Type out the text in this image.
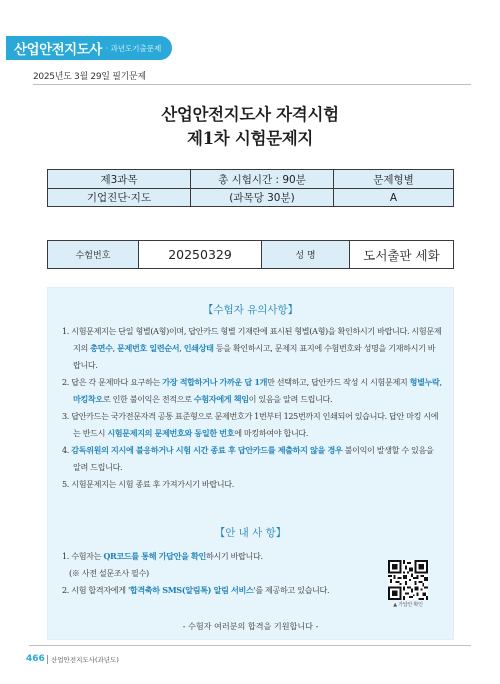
산업안전지도사 · 과년도기출문제
2025년도 3월 29일 필기문제
산업안전지도사 자격시험
제1차 시험문제지
제3과목	총 시험시간 : 90분	문제형별
기업진단·지도	(과목당 30분)	A
수험번호	20250329	성 명	도서출판 세화
【수험자 유의사항】
1. 시험문제지는 단일 형별(A형)이며, 답안카드 형별 기재란에 표시된 형별(A형)을 확인하시기 바랍니다. 시험문제지의 총면수, 문제번호 일련순서, 인쇄상태 등을 확인하시고, 문제지 표지에 수험번호와 성명을 기재하시기 바랍니다.
2. 답은 각 문제마다 요구하는 가장 적합하거나 가까운 답 1개만 선택하고, 답안카드 작성 시 시험문제지 형별누락, 마킹착오로 인한 불이익은 전적으로 수험자에게 책임이 있음을 알려 드립니다.
3. 답안카드는 국가전문자격 공통 표준형으로 문제번호가 1번부터 125번까지 인쇄되어 있습니다. 답안 마킹 시에는 반드시 시험문제지의 문제번호와 동일한 번호에 마킹하여야 합니다.
4. 감독위원의 지시에 불응하거나 시험 시간 종료 후 답안카드를 제출하지 않을 경우 불이익이 발생할 수 있음을 알려 드립니다.
5. 시험문제지는 시험 종료 후 가져가시기 바랍니다.
【안 내 사 항】
1. 수험자는 QR코드를 통해 가답안을 확인하시기 바랍니다.
(※ 사전 설문조사 필수)
2. 시험 합격자에게 '합격축하 SMS(알림톡) 알림 서비스'를 제공하고 있습니다.
▲ 가답안 확인
- 수험자 여러분의 합격을 기원합니다 -
466 산업안전지도사(과년도)
